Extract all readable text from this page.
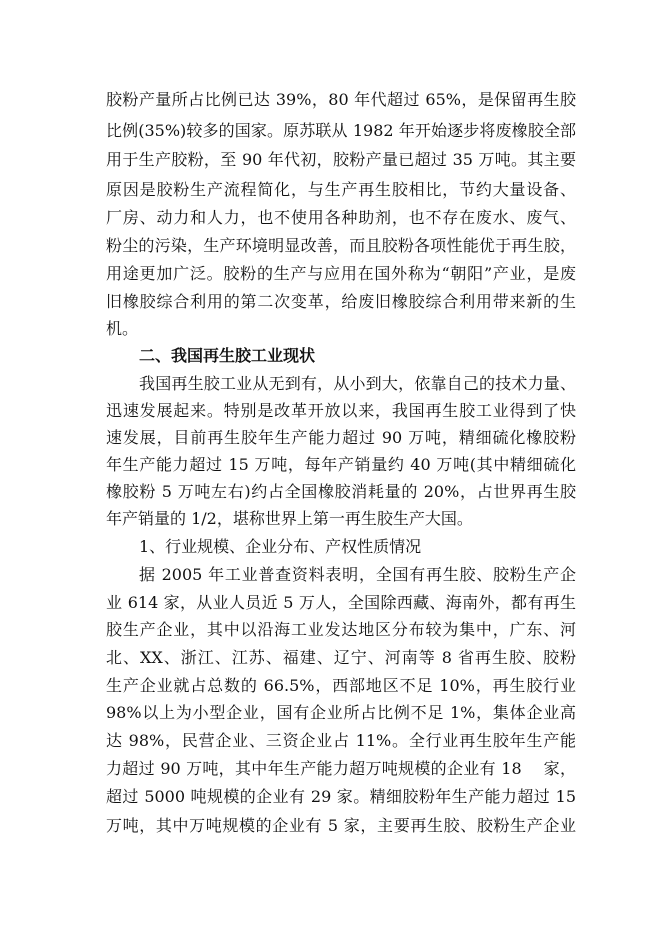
胶粉产量所占比例已达 39%，80 年代超过 65%，是保留再生胶
比例(35%)较多的国家。原苏联从 1982 年开始逐步将废橡胶全部
用于生产胶粉，至 90 年代初，胶粉产量已超过 35 万吨。其主要
原因是胶粉生产流程简化，与生产再生胶相比，节约大量设备、
厂房、动力和人力，也不使用各种助剂，也不存在废水、废气、
粉尘的污染，生产环境明显改善，而且胶粉各项性能优于再生胶，
用途更加广泛。胶粉的生产与应用在国外称为“朝阳”产业，是废
旧橡胶综合利用的第二次变革，给废旧橡胶综合利用带来新的生
机。
二、我国再生胶工业现状
我国再生胶工业从无到有，从小到大，依靠自己的技术力量、
迅速发展起来。特别是改革开放以来，我国再生胶工业得到了快
速发展，目前再生胶年生产能力超过 90 万吨，精细硫化橡胶粉
年生产能力超过 15 万吨，每年产销量约 40 万吨(其中精细硫化
橡胶粉 5 万吨左右)约占全国橡胶消耗量的 20%，占世界再生胶
年产销量的 1/2，堪称世界上第一再生胶生产大国。
1、行业规模、企业分布、产权性质情况
据 2005 年工业普查资料表明，全国有再生胶、胶粉生产企
业 614 家，从业人员近 5 万人，全国除西藏、海南外，都有再生
胶生产企业，其中以沿海工业发达地区分布较为集中，广东、河
北、XX、浙江、江苏、福建、辽宁、河南等 8 省再生胶、胶粉
生产企业就占总数的 66.5%，西部地区不足 10%，再生胶行业
98%以上为小型企业，国有企业所占比例不足 1%，集体企业高
达 98%，民营企业、三资企业占 11%。全行业再生胶年生产能
力超过 90 万吨，其中年生产能力超万吨规模的企业有 18　 家，
超过 5000 吨规模的企业有 29 家。精细胶粉年生产能力超过 15
万吨，其中万吨规模的企业有 5 家，主要再生胶、胶粉生产企业
